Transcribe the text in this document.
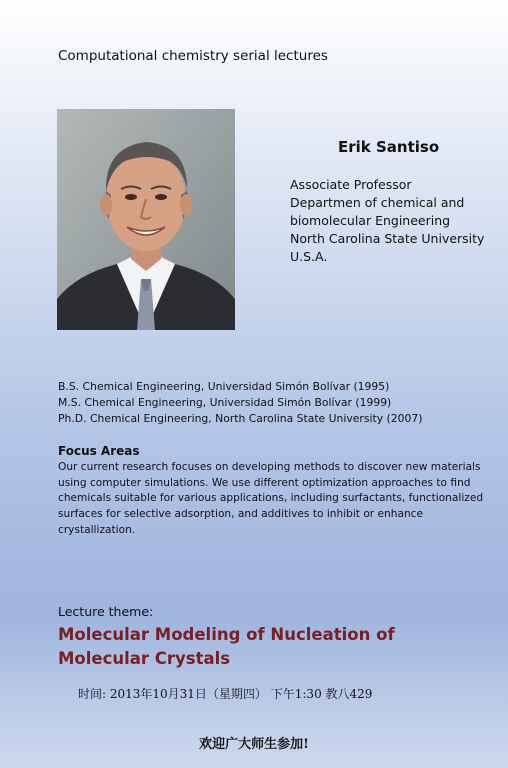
Computational chemistry serial lectures
Erik Santiso
Associate Professor
Departmen of chemical and
biomolecular Engineering
North Carolina State University
U.S.A.
B.S. Chemical Engineering, Universidad Simón Bolívar (1995)
M.S. Chemical Engineering, Universidad Simón Bolívar (1999)
Ph.D. Chemical Engineering, North Carolina State University (2007)
Focus Areas
Our current research focuses on developing methods to discover new materials using computer simulations. We use different optimization approaches to find chemicals suitable for various applications, including surfactants, functionalized surfaces for selective adsorption, and additives to inhibit or enhance crystallization.
Lecture theme:
Molecular Modeling of Nucleation of Molecular Crystals
时间: 2013年10月31日（星期四） 下午1:30 教八429
欢迎广大师生参加!
